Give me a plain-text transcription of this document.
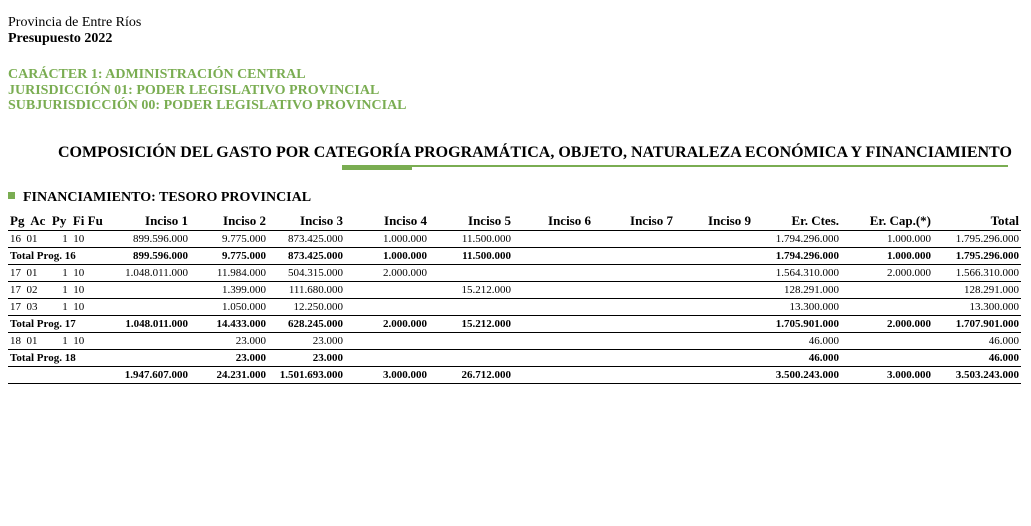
Provincia de Entre Ríos
Presupuesto 2022
CARÁCTER 1: ADMINISTRACIÓN CENTRAL
JURISDICCIÓN 01: PODER LEGISLATIVO PROVINCIAL
SUBJURISDICCIÓN 00: PODER LEGISLATIVO PROVINCIAL
COMPOSICIÓN DEL GASTO POR CATEGORÍA PROGRAMÁTICA, OBJETO, NATURALEZA ECONÓMICA Y FINANCIAMIENTO
FINANCIAMIENTO: TESORO PROVINCIAL
Pg  Ac  Py  Fi Fu	Inciso 1	Inciso 2	Inciso 3	Inciso 4	Inciso 5	Inciso 6	Inciso 7	Inciso 9	Er. Ctes.	Er. Cap.(*)	Total
16  01         1  10	899.596.000	9.775.000	873.425.000	1.000.000	11.500.000				1.794.296.000	1.000.000	1.795.296.000
Total Prog. 16	899.596.000	9.775.000	873.425.000	1.000.000	11.500.000				1.794.296.000	1.000.000	1.795.296.000
17  01         1  10	1.048.011.000	11.984.000	504.315.000	2.000.000					1.564.310.000	2.000.000	1.566.310.000
17  02         1  10		1.399.000	111.680.000		15.212.000				128.291.000		128.291.000
17  03         1  10		1.050.000	12.250.000						13.300.000		13.300.000
Total Prog. 17	1.048.011.000	14.433.000	628.245.000	2.000.000	15.212.000				1.705.901.000	2.000.000	1.707.901.000
18  01         1  10		23.000	23.000						46.000		46.000
Total Prog. 18		23.000	23.000						46.000		46.000
	1.947.607.000	24.231.000	1.501.693.000	3.000.000	26.712.000				3.500.243.000	3.000.000	3.503.243.000
